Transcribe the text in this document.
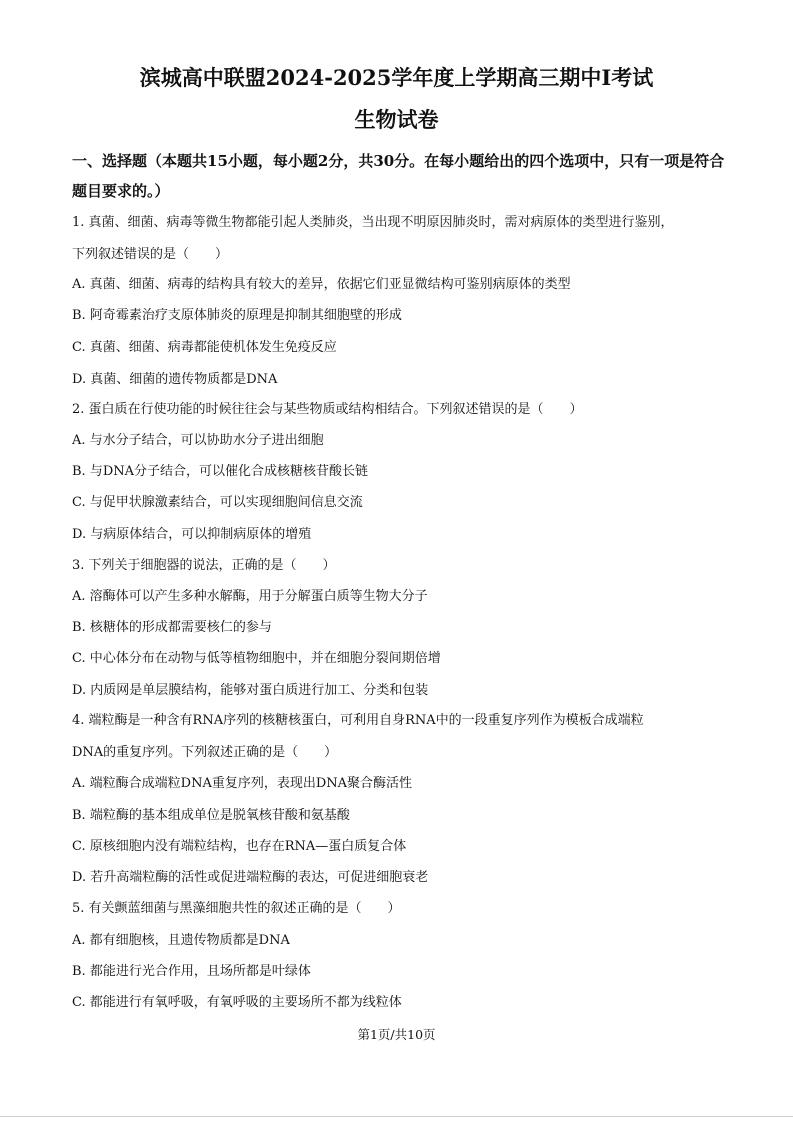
滨城高中联盟2024-2025学年度上学期高三期中Ⅰ考试
生物试卷
一、选择题（本题共15小题，每小题2分，共30分。在每小题给出的四个选项中，只有一项是符合题目要求的。）
1. 真菌、细菌、病毒等微生物都能引起人类肺炎，当出现不明原因肺炎时，需对病原体的类型进行鉴别，
下列叙述错误的是（　　）
A. 真菌、细菌、病毒的结构具有较大的差异，依据它们亚显微结构可鉴别病原体的类型
B. 阿奇霉素治疗支原体肺炎的原理是抑制其细胞壁的形成
C. 真菌、细菌、病毒都能使机体发生免疫反应
D. 真菌、细菌的遗传物质都是DNA
2. 蛋白质在行使功能的时候往往会与某些物质或结构相结合。下列叙述错误的是（　　）
A. 与水分子结合，可以协助水分子进出细胞
B. 与DNA分子结合，可以催化合成核糖核苷酸长链
C. 与促甲状腺激素结合，可以实现细胞间信息交流
D. 与病原体结合，可以抑制病原体的增殖
3. 下列关于细胞器的说法，正确的是（　　）
A. 溶酶体可以产生多种水解酶，用于分解蛋白质等生物大分子
B. 核糖体的形成都需要核仁的参与
C. 中心体分布在动物与低等植物细胞中，并在细胞分裂间期倍增
D. 内质网是单层膜结构，能够对蛋白质进行加工、分类和包装
4. 端粒酶是一种含有RNA序列的核糖核蛋白，可利用自身RNA中的一段重复序列作为模板合成端粒
DNA的重复序列。下列叙述正确的是（　　）
A. 端粒酶合成端粒DNA重复序列，表现出DNA聚合酶活性
B. 端粒酶的基本组成单位是脱氧核苷酸和氨基酸
C. 原核细胞内没有端粒结构，也存在RNA—蛋白质复合体
D. 若升高端粒酶的活性或促进端粒酶的表达，可促进细胞衰老
5. 有关颤蓝细菌与黑藻细胞共性的叙述正确的是（　　）
A. 都有细胞核，且遗传物质都是DNA
B. 都能进行光合作用，且场所都是叶绿体
C. 都能进行有氧呼吸，有氧呼吸的主要场所不都为线粒体
第1页/共10页
